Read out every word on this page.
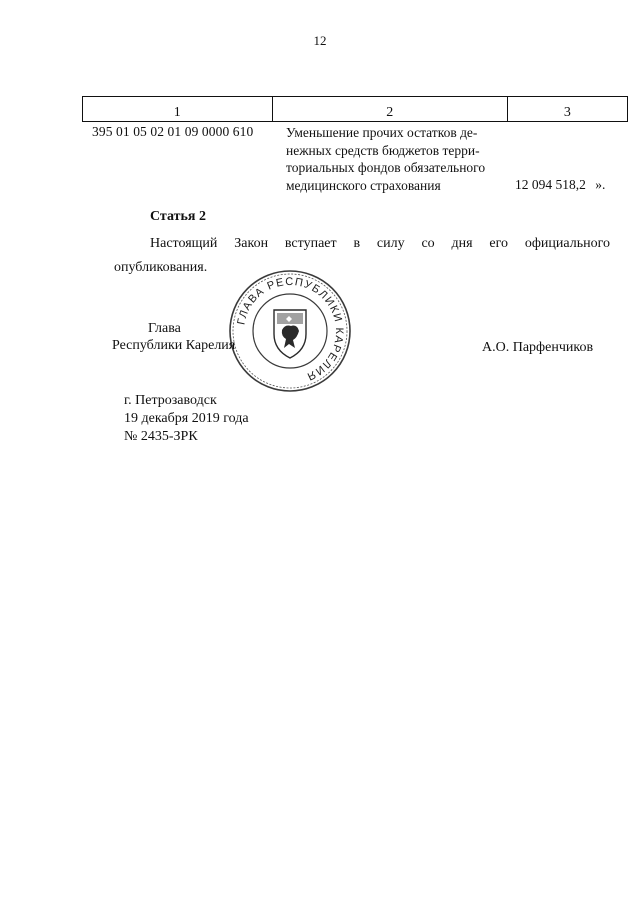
12
1	2	3
395 01 05 02 01 09 0000 610 Уменьшение прочих остатков де-
нежных средств бюджетов терри-
ториальных фондов обязательного
медицинского страхования	12 094 518,2 ».
Статья 2
Настоящий Закон вступает в силу со дня его официального
опубликования.
ГЛАВА РЕСПУБЛИКИ КАРЕЛИЯ
Глава
Республики Карелия	А.О. Парфенчиков
г. Петрозаводск
19 декабря 2019 года
№ 2435-ЗРК
